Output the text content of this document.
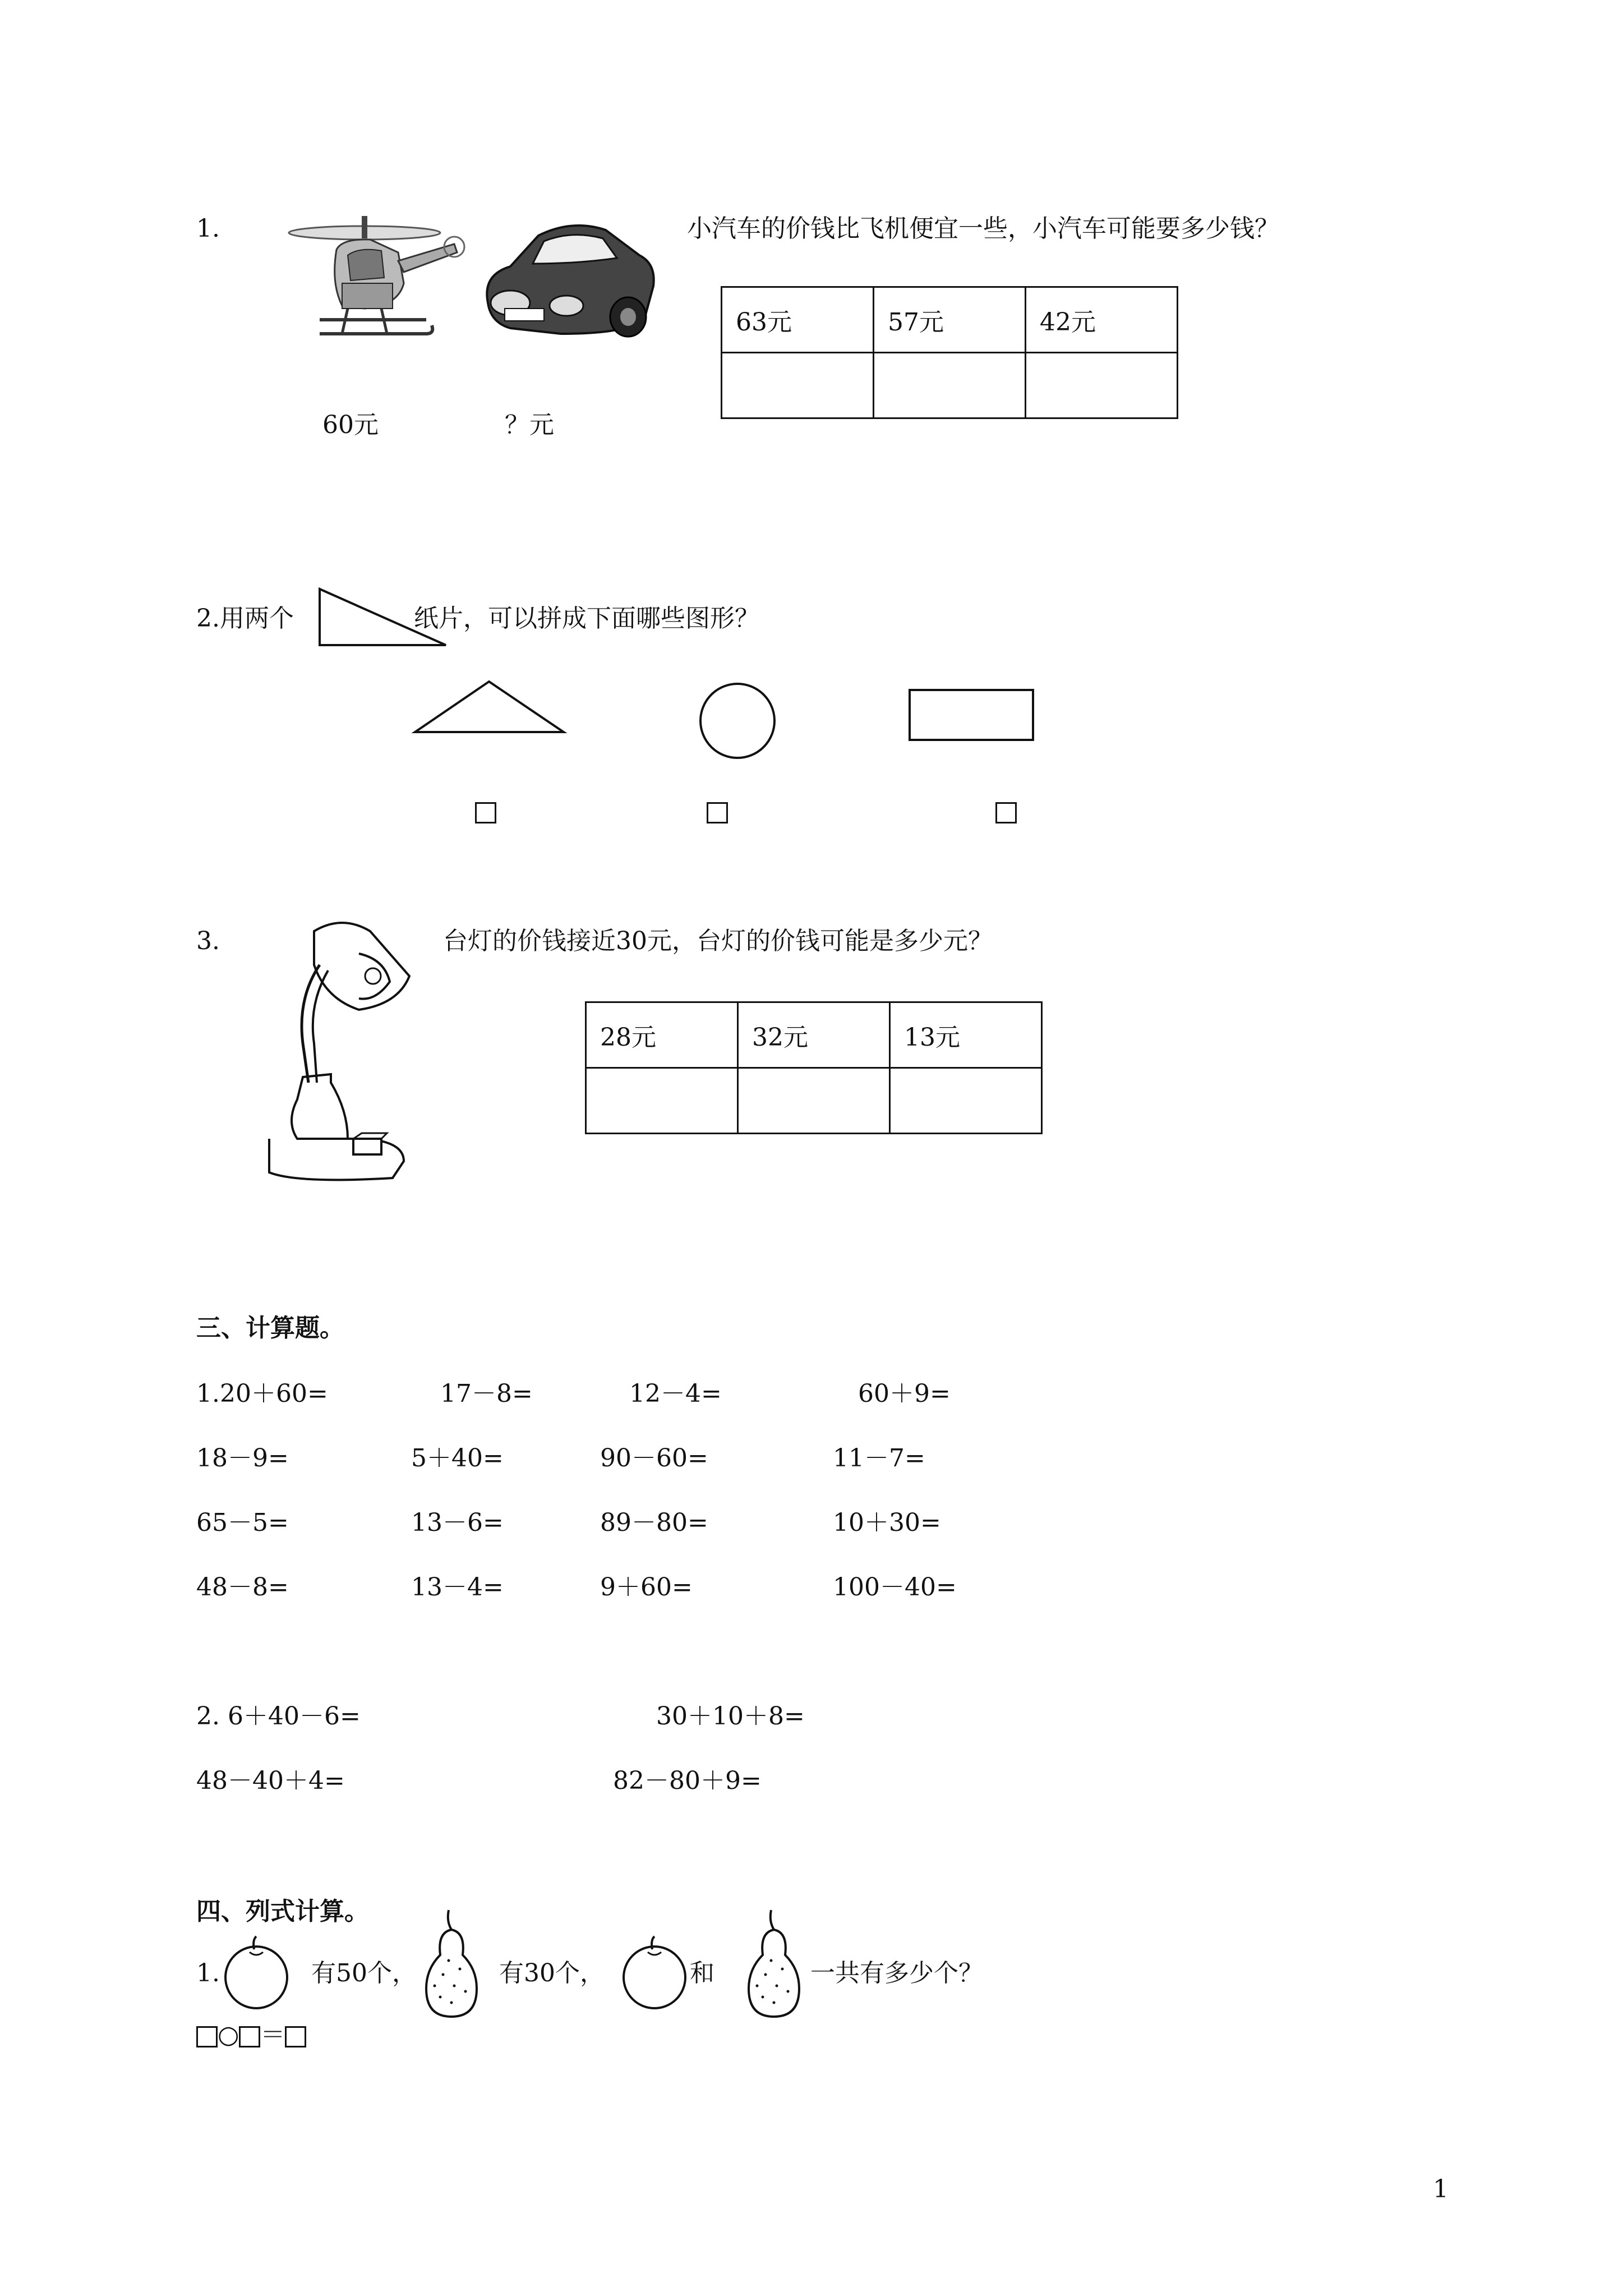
1.
60元	？元
小汽车的价钱比飞机便宜一些，小汽车可能要多少钱？
63元	57元	42元

2.用两个	纸片，可以拼成下面哪些图形？
3.	台灯的价钱接近30元，台灯的价钱可能是多少元？
28元	32元	13元

三、计算题。
1.20＋60=	17－8=	12－4=	60＋9=
18－9=	5＋40=	90－60=	11－7=
65－5=	13－6=	89－80=	10＋30=
48－8=	13－4=	9＋60=	100－40=
2. 6＋40－6=	30＋10＋8=
48－40＋4=	82－80＋9=
四、列式计算。
1.	有50个，	有30个，	和	一共有多少个？
○ ＝
1
